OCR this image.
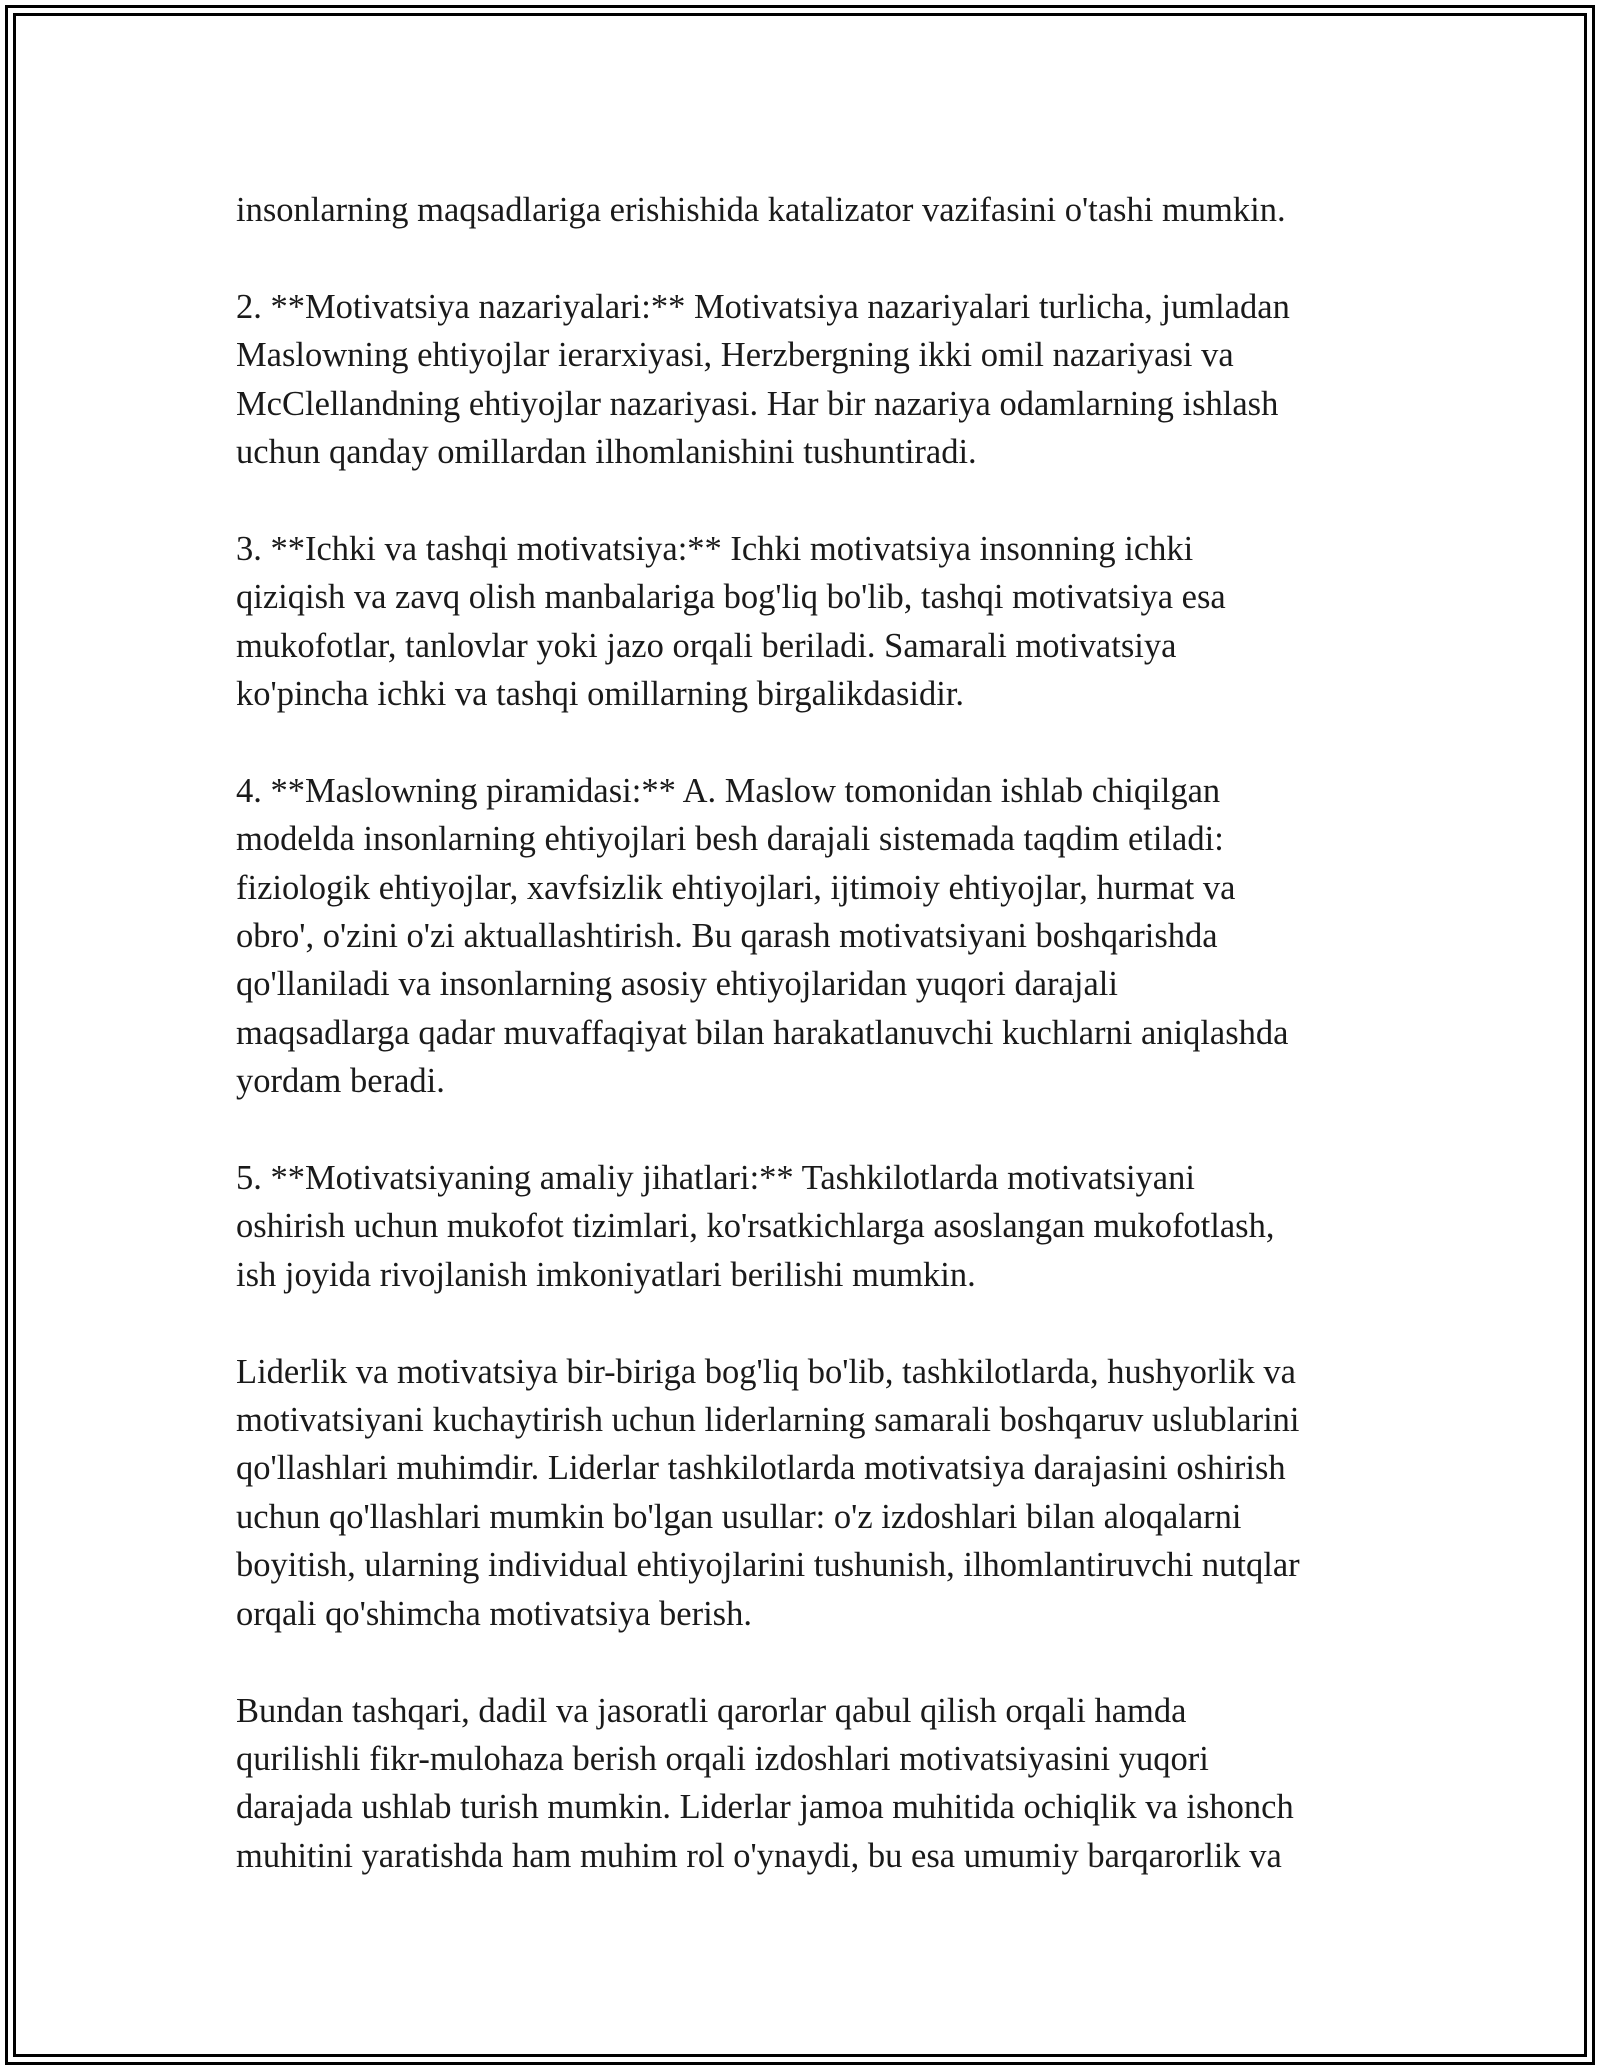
insonlarning maqsadlariga erishishida katalizator vazifasini o'tashi mumkin.

2. **Motivatsiya nazariyalari:** Motivatsiya nazariyalari turlicha, jumladan
Maslowning ehtiyojlar ierarxiyasi, Herzbergning ikki omil nazariyasi va
McClellandning ehtiyojlar nazariyasi. Har bir nazariya odamlarning ishlash
uchun qanday omillardan ilhomlanishini tushuntiradi.

3. **Ichki va tashqi motivatsiya:** Ichki motivatsiya insonning ichki
qiziqish va zavq olish manbalariga bog'liq bo'lib, tashqi motivatsiya esa
mukofotlar, tanlovlar yoki jazo orqali beriladi. Samarali motivatsiya
ko'pincha ichki va tashqi omillarning birgalikdasidir.

4. **Maslowning piramidasi:** A. Maslow tomonidan ishlab chiqilgan
modelda insonlarning ehtiyojlari besh darajali sistemada taqdim etiladi:
fiziologik ehtiyojlar, xavfsizlik ehtiyojlari, ijtimoiy ehtiyojlar, hurmat va
obro', o'zini o'zi aktuallashtirish. Bu qarash motivatsiyani boshqarishda
qo'llaniladi va insonlarning asosiy ehtiyojlaridan yuqori darajali
maqsadlarga qadar muvaffaqiyat bilan harakatlanuvchi kuchlarni aniqlashda
yordam beradi.

5. **Motivatsiyaning amaliy jihatlari:** Tashkilotlarda motivatsiyani
oshirish uchun mukofot tizimlari, ko'rsatkichlarga asoslangan mukofotlash,
ish joyida rivojlanish imkoniyatlari berilishi mumkin.

Liderlik va motivatsiya bir-biriga bog'liq bo'lib, tashkilotlarda, hushyorlik va
motivatsiyani kuchaytirish uchun liderlarning samarali boshqaruv uslublarini
qo'llashlari muhimdir. Liderlar tashkilotlarda motivatsiya darajasini oshirish
uchun qo'llashlari mumkin bo'lgan usullar: o'z izdoshlari bilan aloqalarni
boyitish, ularning individual ehtiyojlarini tushunish, ilhomlantiruvchi nutqlar
orqali qo'shimcha motivatsiya berish.

Bundan tashqari, dadil va jasoratli qarorlar qabul qilish orqali hamda
qurilishli fikr-mulohaza berish orqali izdoshlari motivatsiyasini yuqori
darajada ushlab turish mumkin. Liderlar jamoa muhitida ochiqlik va ishonch
muhitini yaratishda ham muhim rol o'ynaydi, bu esa umumiy barqarorlik va
